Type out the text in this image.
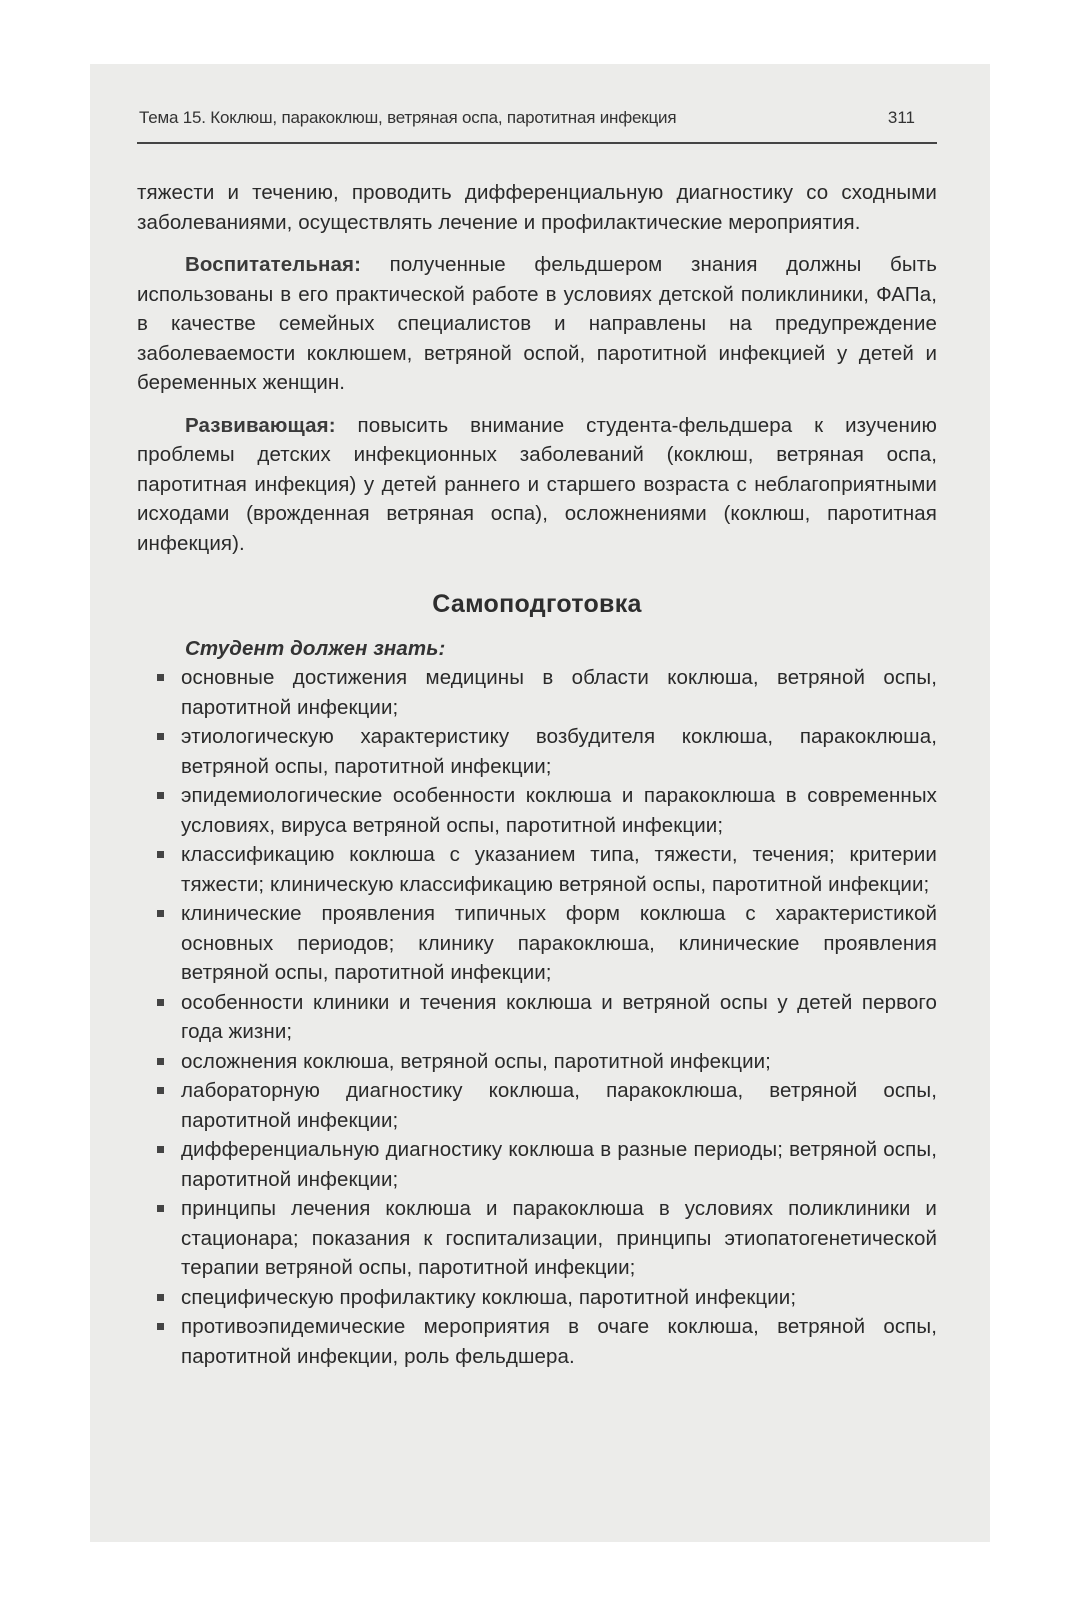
Тема 15. Коклюш, паракоклюш, ветряная оспа, паротитная инфекция	311

тяжести и течению, проводить дифференциальную диагностику со сходными заболеваниями, осуществлять лечение и профилактические мероприятия.

Воспитательная: полученные фельдшером знания должны быть использованы в его практической работе в условиях детской поликлиники, ФАПа, в качестве семейных специалистов и направлены на предупреждение заболеваемости коклюшем, ветряной оспой, паротитной инфекцией у детей и беременных женщин.

Развивающая: повысить внимание студента-фельдшера к изучению проблемы детских инфекционных заболеваний (коклюш, ветряная оспа, паротитная инфекция) у детей раннего и старшего возраста с неблагоприятными исходами (врожденная ветряная оспа), осложнениями (коклюш, паротитная инфекция).

Самоподготовка
Студент должен знать:
основные достижения медицины в области коклюша, ветряной оспы, паротитной инфекции;
этиологическую характеристику возбудителя коклюша, паракоклюша, ветряной оспы, паротитной инфекции;
эпидемиологические особенности коклюша и паракоклюша в современных условиях, вируса ветряной оспы, паротитной инфекции;
классификацию коклюша с указанием типа, тяжести, течения; критерии тяжести; клиническую классификацию ветряной оспы, паротитной инфекции;
клинические проявления типичных форм коклюша с характеристикой основных периодов; клинику паракоклюша, клинические проявления ветряной оспы, паротитной инфекции;
особенности клиники и течения коклюша и ветряной оспы у детей первого года жизни;
осложнения коклюша, ветряной оспы, паротитной инфекции;
лабораторную диагностику коклюша, паракоклюша, ветряной оспы, паротитной инфекции;
дифференциальную диагностику коклюша в разные периоды; ветряной оспы, паротитной инфекции;
принципы лечения коклюша и паракоклюша в условиях поликлиники и стационара; показания к госпитализации, принципы этиопатогенетической терапии ветряной оспы, паротитной инфекции;
специфическую профилактику коклюша, паротитной инфекции;
противоэпидемические мероприятия в очаге коклюша, ветряной оспы, паротитной инфекции, роль фельдшера.
